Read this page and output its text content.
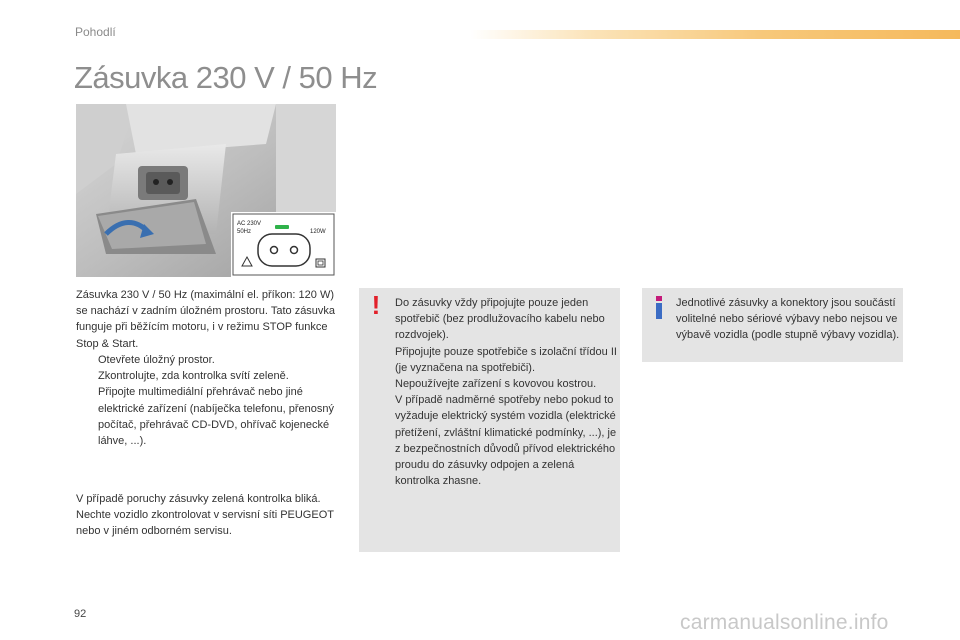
Pohodlí
Zásuvka 230 V / 50 Hz
AC 230V
50Hz	120W
Zásuvka 230 V / 50 Hz (maximální el. příkon: 120 W) se nachází v zadním úložném prostoru. Tato zásuvka funguje při běžícím motoru, i v režimu STOP funkce Stop & Start.
Otevřete úložný prostor.
Zkontrolujte, zda kontrolka svítí zeleně.
Připojte multimediální přehrávač nebo jiné elektrické zařízení (nabíječka telefonu, přenosný počítač, přehrávač CD-DVD, ohřívač kojenecké láhve, ...).
V případě poruchy zásuvky zelená kontrolka bliká.
Nechte vozidlo zkontrolovat v servisní síti PEUGEOT nebo v jiném odborném servisu.
! Do zásuvky vždy připojujte pouze jeden spotřebič (bez prodlužovacího kabelu nebo rozdvojek).
Připojujte pouze spotřebiče s izolační třídou II (je vyznačena na spotřebiči).
Nepoužívejte zařízení s kovovou kostrou.
V případě nadměrné spotřeby nebo pokud to vyžaduje elektrický systém vozidla (elektrické přetížení, zvláštní klimatické podmínky, ...), je z bezpečnostních důvodů přívod elektrického proudu do zásuvky odpojen a zelená kontrolka zhasne.
Jednotlivé zásuvky a konektory jsou součástí volitelné nebo sériové výbavy nebo nejsou ve výbavě vozidla (podle stupně výbavy vozidla).
92	carmanualsonline.info
